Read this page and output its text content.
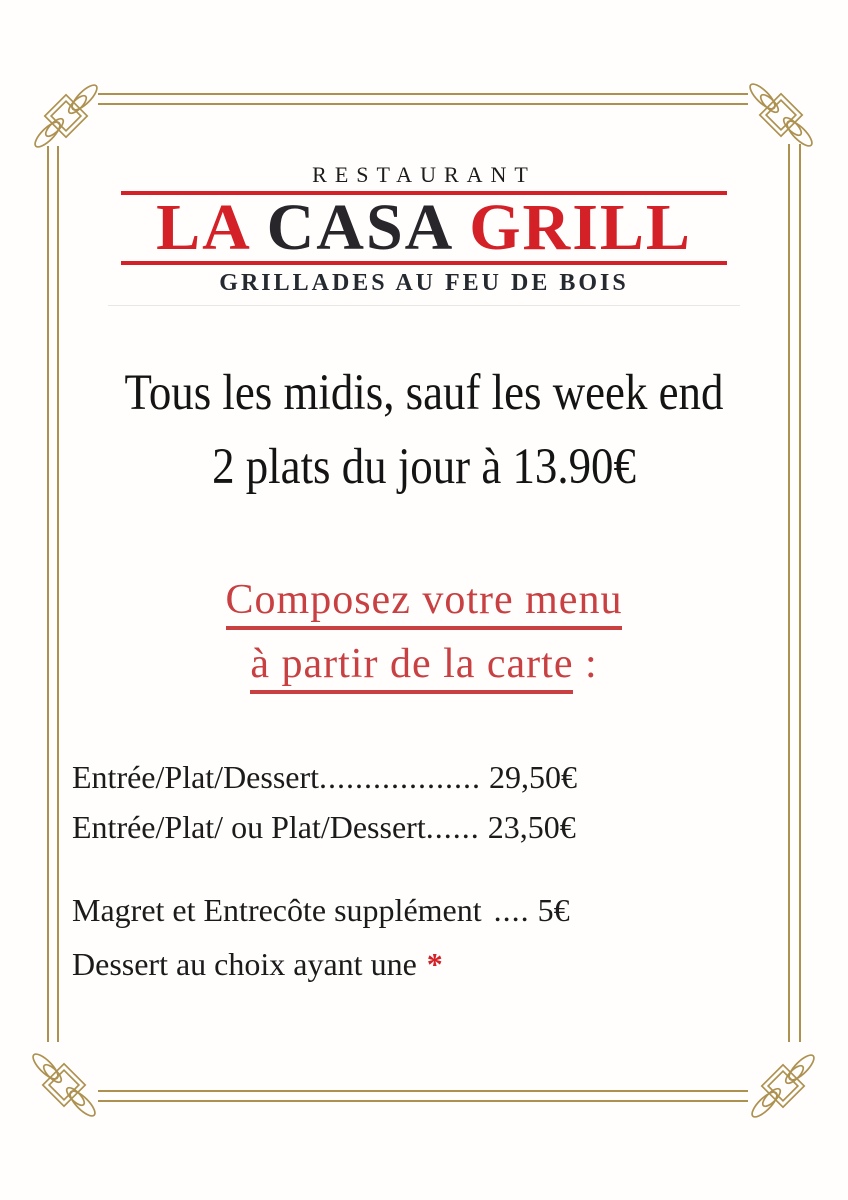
RESTAURANT
LA CASA GRILL
GRILLADES AU FEU DE BOIS
Tous les midis, sauf les week end
2 plats du jour à 13.90€
Composez votre menu
à partir de la carte :
Entrée/Plat/Dessert.................. 29,50€
Entrée/Plat/ ou Plat/Dessert...... 23,50€
Magret et Entrecôte supplément .... 5€
Dessert au choix ayant une *
